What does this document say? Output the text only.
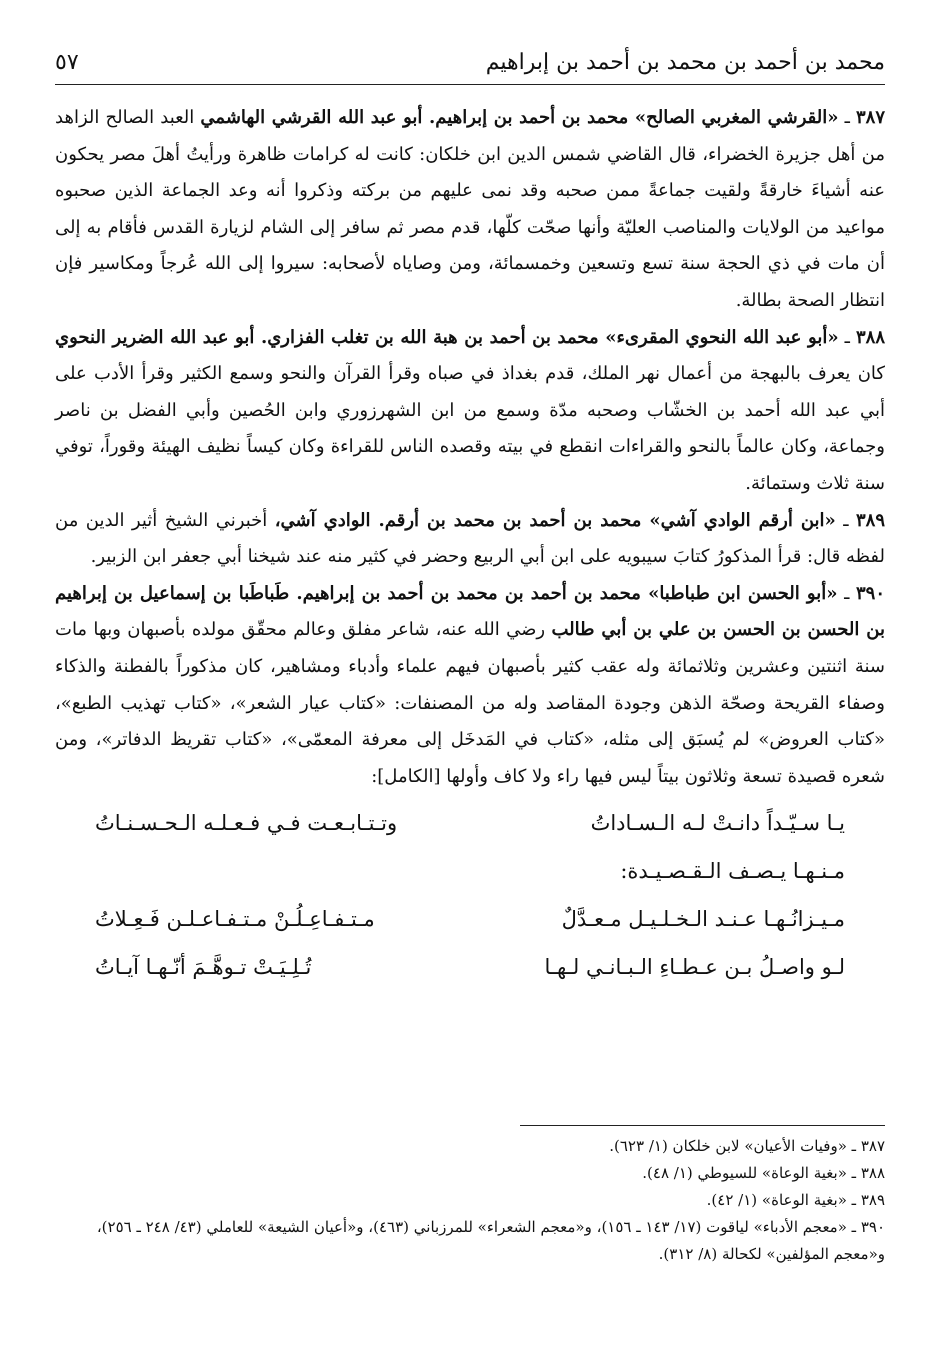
محمد بن أحمد بن محمد بن أحمد بن إبراهيم
٥٧

٣٨٧ ـ «القرشي المغربي الصالح» محمد بن أحمد بن إبراهيم. أبو عبد الله القرشي الهاشمي العبد الصالح الزاهد من أهل جزيرة الخضراء، قال القاضي شمس الدين ابن خلكان: كانت له كرامات ظاهرة ورأيتُ أهلَ مصر يحكون عنه أشياءَ خارقةً ولقيت جماعةً ممن صحبه وقد نمى عليهم من بركته وذكروا أنه وعد الجماعة الذين صحبوه مواعيد من الولايات والمناصب العليّة وأنها صحّت كلّها، قدم مصر ثم سافر إلى الشام لزيارة القدس فأقام به إلى أن مات في ذي الحجة سنة تسع وتسعين وخمسمائة، ومن وصاياه لأصحابه: سيروا إلى الله عُرجاً ومكاسير فإن انتظار الصحة بطالة.

٣٨٨ ـ «أبو عبد الله النحوي المقرىء» محمد بن أحمد بن هبة الله بن تغلب الفزاري. أبو عبد الله الضرير النحوي كان يعرف بالبهجة من أعمال نهر الملك، قدم بغداذ في صباه وقرأ القرآن والنحو وسمع الكثير وقرأ الأدب على أبي عبد الله أحمد بن الخشّاب وصحبه مدّة وسمع من ابن الشهرزوري وابن الحُصين وأبي الفضل بن ناصر وجماعة، وكان عالماً بالنحو والقراءات انقطع في بيته وقصده الناس للقراءة وكان كيساً نظيف الهيئة وقوراً، توفي سنة ثلاث وستمائة.

٣٨٩ ـ «ابن أرقم الوادي آشي» محمد بن أحمد بن محمد بن أرقم. الوادي آشي، أخبرني الشيخ أثير الدين من لفظه قال: قرأ المذكورُ كتابَ سيبويه على ابن أبي الربيع وحضر في كثير منه عند شيخنا أبي جعفر ابن الزبير.

٣٩٠ ـ «أبو الحسن ابن طباطبا» محمد بن أحمد بن محمد بن أحمد بن إبراهيم. طَباطَبا بن إسماعيل بن إبراهيم بن الحسن بن الحسن بن علي بن أبي طالب رضي الله عنه، شاعر مفلق وعالم محقّق مولده بأصبهان وبها مات سنة اثنتين وعشرين وثلاثمائة وله عقب كثير بأصبهان فيهم علماء وأدباء ومشاهير، كان مذكوراً بالفطنة والذكاء وصفاء القريحة وصحّة الذهن وجودة المقاصد وله من المصنفات: «كتاب عيار الشعر»، «كتاب تهذيب الطبع»، «كتاب العروض» لم يُسبَق إلى مثله، «كتاب في المَدخَل إلى معرفة المعمّى»، «كتاب تقريظ الدفاتر»، ومن شعره قصيدة تسعة وثلاثون بيتاً ليس فيها راء ولا كاف وأولها [الكامل]:

يـا سـيّـداً دانـتْ لـه الـسـاداتُ
وتـتـابـعـت فـي فـعـلـه الـحـسـنـاتُ
مـنـهـا يـصـف الـقـصـيـدة:
مـيـزانُـهـا عـنـد الـخـلـيـل مـعـدَّلٌ
مـتـفـاعِـلُـنْ مـتـفـاعـلـن فَـعِـلاتُ
لـو واصـلُ بـن عـطـاءِ الـبـانـي لـهـا
تُـلِـيَـتْ تـوهَّـمَ أنّـهـا آيـاتُ

٣٨٧ ـ «وفيات الأعيان» لابن خلكان (١/ ٦٢٣).

٣٨٨ ـ «بغية الوعاة» للسيوطي (١/ ٤٨).

٣٨٩ ـ «بغية الوعاة» (١/ ٤٢).

٣٩٠ ـ «معجم الأدباء» لياقوت (١٧/ ١٤٣ ـ ١٥٦)، و«معجم الشعراء» للمرزباني (٤٦٣)، و«أعيان الشيعة» للعاملي (٤٣/ ٢٤٨ ـ ٢٥٦)، و«معجم المؤلفين» لكحالة (٨/ ٣١٢).
